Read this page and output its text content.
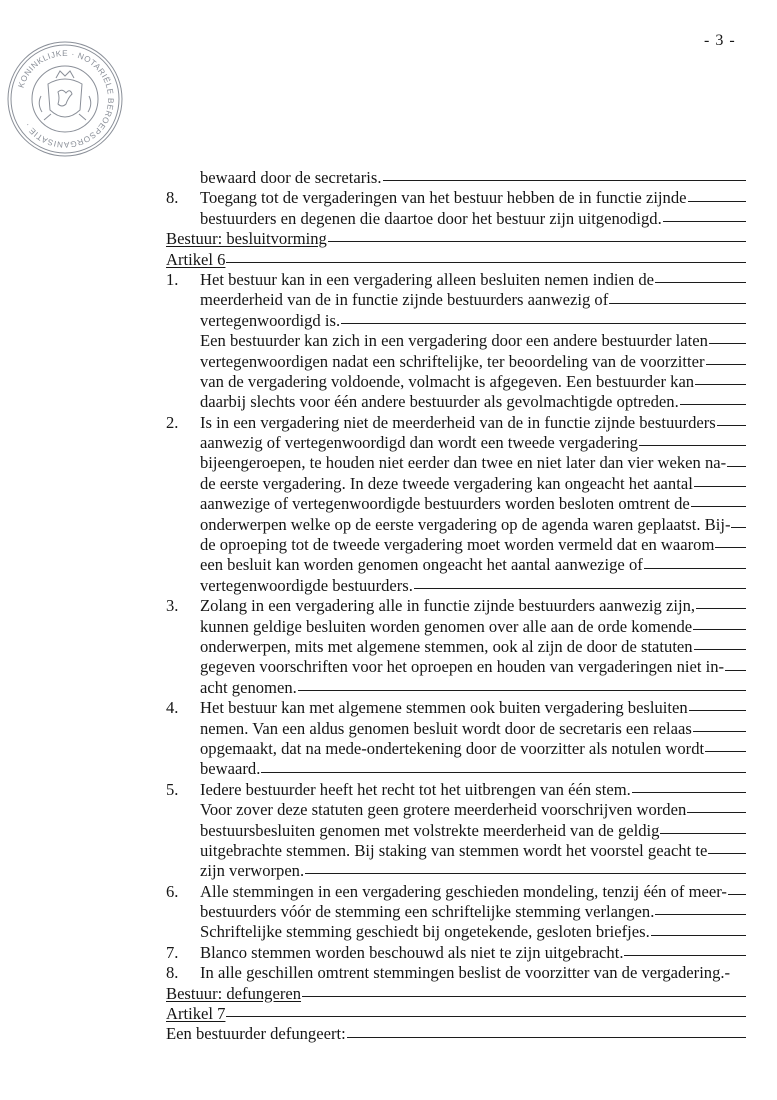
- 3 -
KONINKLIJKE · NOTARIËLE BEROEPSORGANISATIE ·
bewaard door de secretaris.
8.	Toegang tot de vergaderingen van het bestuur hebben de in functie zijnde
bestuurders en degenen die daartoe door het bestuur zijn uitgenodigd.
Bestuur: besluitvorming
Artikel 6
1.	Het bestuur kan in een vergadering alleen besluiten nemen indien de
meerderheid van de in functie zijnde bestuurders aanwezig of
vertegenwoordigd is.
Een bestuurder kan zich in een vergadering door een andere bestuurder laten
vertegenwoordigen nadat een schriftelijke, ter beoordeling van de voorzitter
van de vergadering voldoende, volmacht is afgegeven. Een bestuurder kan
daarbij slechts voor één andere bestuurder als gevolmachtigde optreden.
2.	Is in een vergadering niet de meerderheid van de in functie zijnde bestuurders
aanwezig of vertegenwoordigd dan wordt een tweede vergadering
bijeengeroepen, te houden niet eerder dan twee en niet later dan vier weken na-
de eerste vergadering. In deze tweede vergadering kan ongeacht het aantal
aanwezige of vertegenwoordigde bestuurders worden besloten omtrent de
onderwerpen welke op de eerste vergadering op de agenda waren geplaatst. Bij-
de oproeping tot de tweede vergadering moet worden vermeld dat en waarom
een besluit kan worden genomen ongeacht het aantal aanwezige of
vertegenwoordigde bestuurders.
3.	Zolang in een vergadering alle in functie zijnde bestuurders aanwezig zijn,
kunnen geldige besluiten worden genomen over alle aan de orde komende
onderwerpen, mits met algemene stemmen, ook al zijn de door de statuten
gegeven voorschriften voor het oproepen en houden van vergaderingen niet in-
acht genomen.
4.	Het bestuur kan met algemene stemmen ook buiten vergadering besluiten
nemen. Van een aldus genomen besluit wordt door de secretaris een relaas
opgemaakt, dat na mede-ondertekening door de voorzitter als notulen wordt
bewaard.
5.	Iedere bestuurder heeft het recht tot het uitbrengen van één stem.
Voor zover deze statuten geen grotere meerderheid voorschrijven worden
bestuursbesluiten genomen met volstrekte meerderheid van de geldig
uitgebrachte stemmen. Bij staking van stemmen wordt het voorstel geacht te
zijn verworpen.
6.	Alle stemmingen in een vergadering geschieden mondeling, tenzij één of meer-
bestuurders vóór de stemming een schriftelijke stemming verlangen.
Schriftelijke stemming geschiedt bij ongetekende, gesloten briefjes.
7.	Blanco stemmen worden beschouwd als niet te zijn uitgebracht.
8.	In alle geschillen omtrent stemmingen beslist de voorzitter van de vergadering.-
Bestuur: defungeren
Artikel 7
Een bestuurder defungeert:
